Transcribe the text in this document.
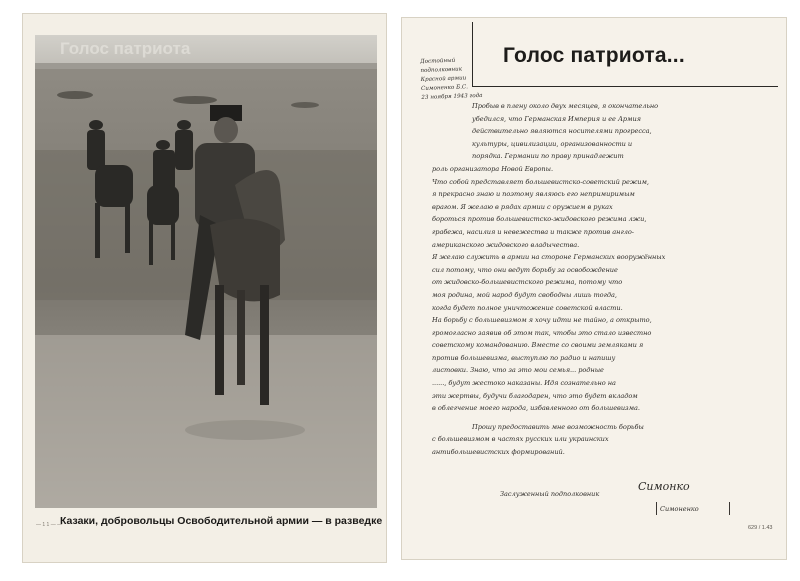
Голос патриота
Казаки, добровольцы Освободительной армии — в разведке
— 1 1 — —
Голос патриота...
Достойный
подполковник
Красной армии
Симоненко Б.С.
23 ноября 1943 года
Пробыв в плену около двух месяцев, я окончательно
убедился, что Германская Империя и ее Армия
действительно являются носителями прогресса,
культуры, цивилизации, организованности и
порядка. Германии по праву принадлежит
роль организатора Новой Европы.
Что собой представляет большевистско-советский режим,
я прекрасно знаю и поэтому являюсь его непримиримым
врагом. Я желаю в рядах армии с оружием в руках
бороться против большевистско-жидовского режима лжи,
грабежа, насилия и невежества и также против англо-
американского жидовского владычества.
Я желаю служить в армии на стороне Германских вооружённых
сил потому, что они ведут борьбу за освобождение
от жидовско-большевистского режима, потому что
моя родина, мой народ будут свободны лишь тогда,
когда будет полное уничтожение советской власти.
На борьбу с большевизмом я хочу идти не тайно, а открыто,
громогласно заявив об этом так, чтобы это стало известно
советскому командованию. Вместе со своими земляками я
против большевизма, выступлю по радио и напишу
листовки. Знаю, что за это мои семья... родные
......, будут жестоко наказаны. Идя сознательно на
эти жертвы, будучи благодарен, что это будет вкладом
в облегчение моего народа, избавленного от большевизма.
Прошу предоставить мне возможность борьбы
с большевизмом в частях русских или украинских
антибольшевистских формирований.
Заслуженный подполковник
Симонко
Симоненко
629 / 1.43
